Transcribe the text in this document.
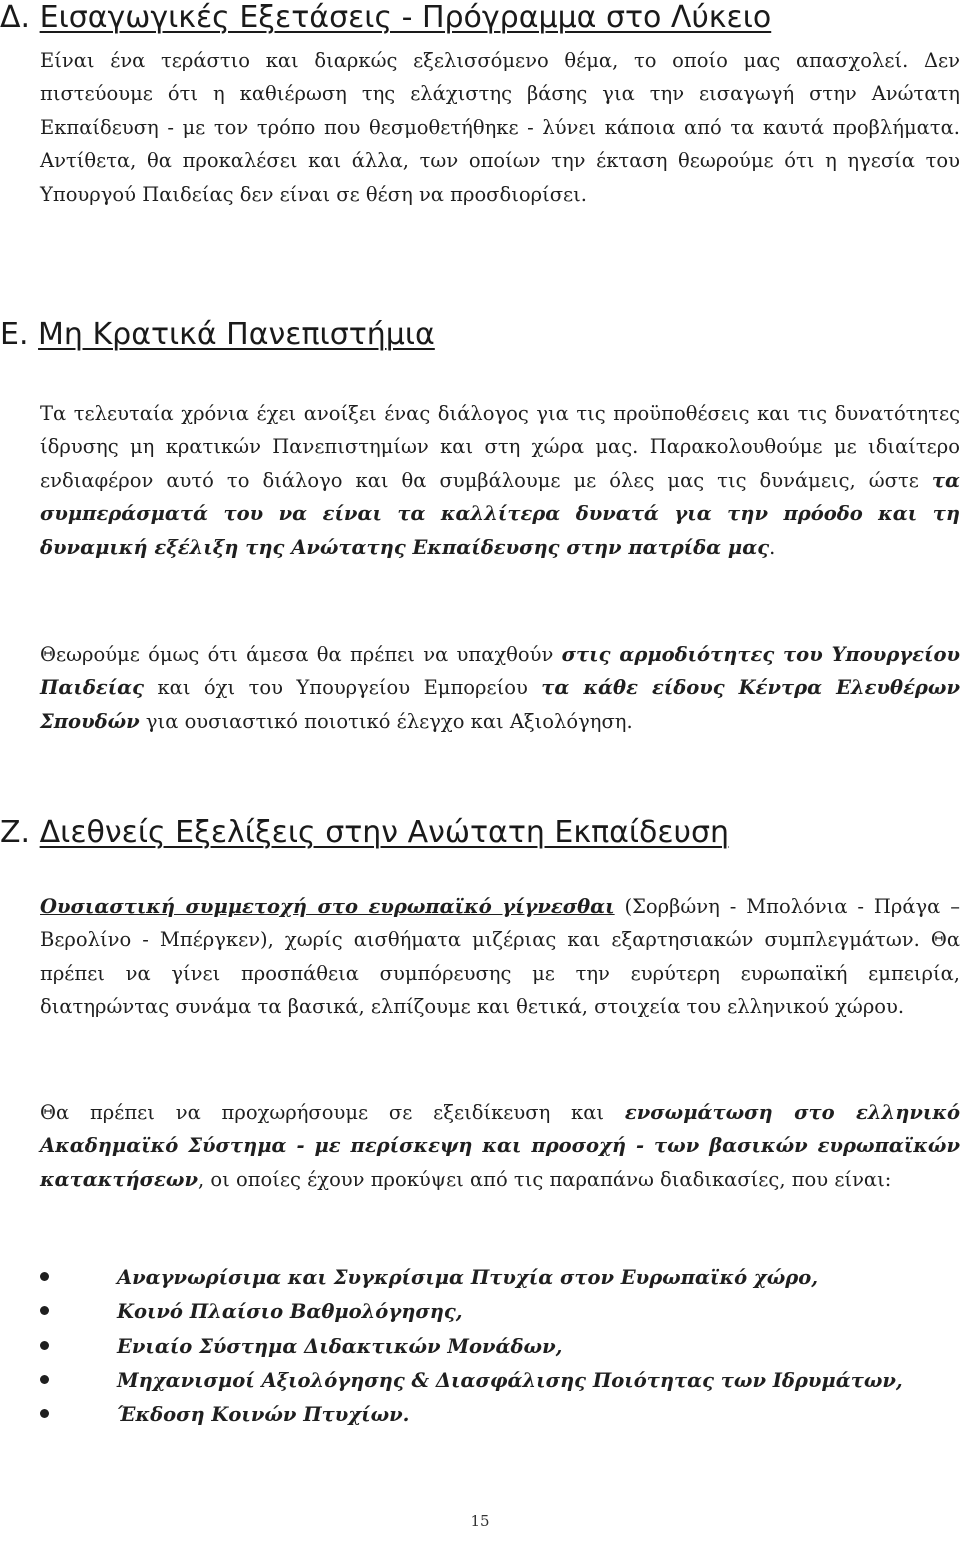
Δ. Εισαγωγικές Εξετάσεις - Πρόγραμμα στο Λύκειο

Είναι ένα τεράστιο και διαρκώς εξελισσόμενο θέμα, το οποίο μας απασχολεί. Δεν πιστεύουμε ότι η καθιέρωση της ελάχιστης βάσης για την εισαγωγή στην Ανώτατη Εκπαίδευση - με τον τρόπο που θεσμοθετήθηκε - λύνει κάποια από τα καυτά προβλήματα. Αντίθετα, θα προκαλέσει και άλλα, των οποίων την έκταση θεωρούμε ότι η ηγεσία του Υπουργού Παιδείας δεν είναι σε θέση να προσδιορίσει.

Ε. Μη Κρατικά Πανεπιστήμια

Τα τελευταία χρόνια έχει ανοίξει ένας διάλογος για τις προϋποθέσεις και τις δυνατότητες ίδρυσης μη κρατικών Πανεπιστημίων και στη χώρα μας. Παρακολουθούμε με ιδιαίτερο ενδιαφέρον αυτό το διάλογο και θα συμβάλουμε με όλες μας τις δυνάμεις, ώστε τα συμπεράσματά του να είναι τα καλλίτερα δυνατά για την πρόοδο και τη δυναμική εξέλιξη της Ανώτατης Εκπαίδευσης στην πατρίδα μας.

Θεωρούμε όμως ότι άμεσα θα πρέπει να υπαχθούν στις αρμοδιότητες του Υπουργείου Παιδείας και όχι του Υπουργείου Εμπορείου τα κάθε είδους Κέντρα Ελευθέρων Σπουδών για ουσιαστικό ποιοτικό έλεγχο και Αξιολόγηση.

Ζ. Διεθνείς Εξελίξεις στην Ανώτατη Εκπαίδευση

Ουσιαστική συμμετοχή στο ευρωπαϊκό γίγνεσθαι (Σορβώνη - Μπολόνια - Πράγα – Βερολίνο - Μπέργκεν), χωρίς αισθήματα μιζέριας και εξαρτησιακών συμπλεγμάτων. Θα πρέπει να γίνει προσπάθεια συμπόρευσης με την ευρύτερη ευρωπαϊκή εμπειρία, διατηρώντας συνάμα τα βασικά, ελπίζουμε και θετικά, στοιχεία του ελληνικού χώρου.

Θα πρέπει να προχωρήσουμε σε εξειδίκευση και ενσωμάτωση στο ελληνικό Ακαδημαϊκό Σύστημα - με περίσκεψη και προσοχή - των βασικών ευρωπαϊκών κατακτήσεων, οι οποίες έχουν προκύψει από τις παραπάνω διαδικασίες, που είναι:

Αναγνωρίσιμα και Συγκρίσιμα Πτυχία στον Ευρωπαϊκό χώρο,
Κοινό Πλαίσιο Βαθμολόγησης,
Ενιαίο Σύστημα Διδακτικών Μονάδων,
Μηχανισμοί Αξιολόγησης & Διασφάλισης Ποιότητας των Ιδρυμάτων,
Έκδοση Κοινών Πτυχίων.
15
